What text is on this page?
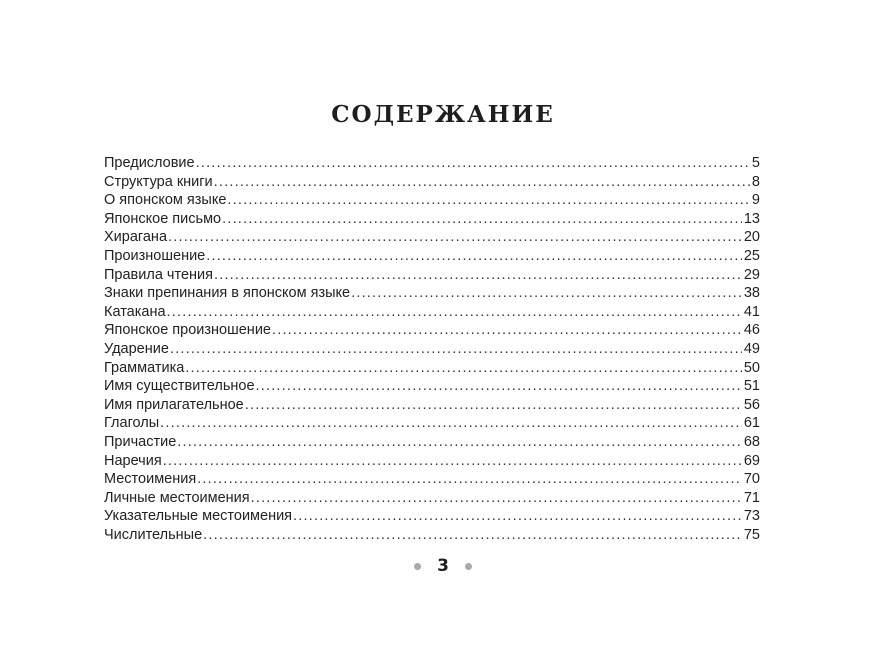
СОДЕРЖАНИЕ
Предисловие .....	5
Структура книги .....	8
О японском языке .....	9
Японское письмо .....	13
Хирагана .....	20
Произношение .....	25
Правила чтения .....	29
Знаки препинания в японском языке .....	38
Катакана .....	41
Японское произношение .....	46
Ударение .....	49
Грамматика .....	50
Имя существительное .....	51
Имя прилагательное .....	56
Глаголы .....	61
Причастие .....	68
Наречия .....	69
Местоимения .....	70
Личные местоимения .....	71
Указательные местоимения .....	73
Числительные .....	75
3
